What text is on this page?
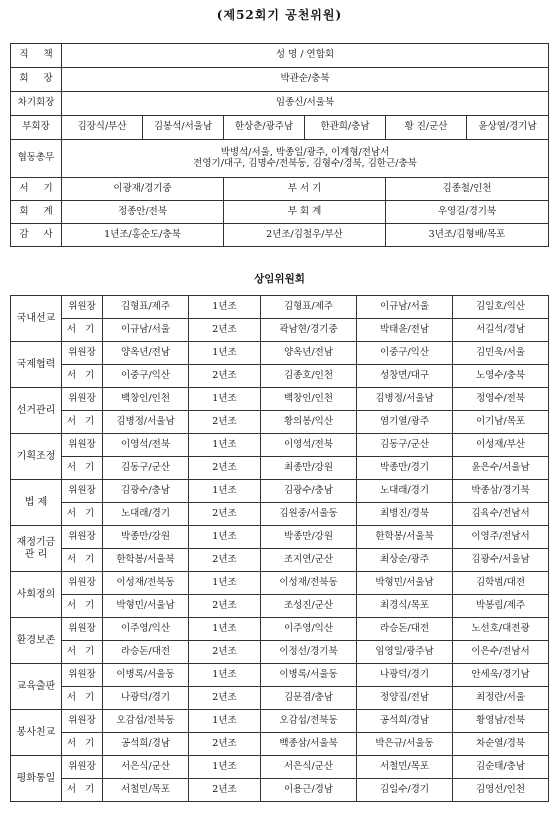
(제52회기 공천위원)
직 책	성 명 / 연합회					
회 장	박관순/충북					
차기회장	임종신/서울북					
부회장	김장식/부산	김봉석/서울남	한상춘/광주남	한관희/충남	황 진/군산	윤상열/경기남
협동총무	박병석/서울, 박종일/광주, 이계형/전남서
전영기/대구, 김명수/전북동, 김형수/경북, 김한근/충북					

서 기	이광재/경기중		부 서 기		김종철/인천	
회 계	정종안/전북		부 회 계		우영길/경기북	
감 사	1년조/홍순도/충북		2년조/김철우/부산		3년조/김형배/목포	
상임위원회
국내선교	위원장	김형표/제주	1년조	김형표/제주	이규남/서울	김일호/익산
	서 기	이규남/서울	2년조	곽남현/경기중	박태윤/전남	서길석/경남
국제협력	위원장	양옥년/전남	1년조	양옥년/전남	이중구/익산	김민욱/서울
	서 기	이중구/익산	2년조	김종호/인천	성창면/대구	노영수/충북
선거관리	위원장	백창인/인천	1년조	백창인/인천	김병정/서울남	정영수/전북
	서 기	김병정/서울남	2년조	황의봉/익산	염기열/광주	이기남/목포
기획조정	위원장	이영석/전북	1년조	이영석/전북	김동구/군산	이성재/부산
	서 기	김동구/군산	2년조	최종만/강원	박종만/경기	윤은수/서울남
법 제	위원장	김광수/충남	1년조	김광수/충남	노대래/경기	박종삼/경기북
	서 기	노대래/경기	2년조	김원중/서울동	최병진/경북	김육수/전남서
재정기금
관 리	위원장	박종만/강원	1년조	박종만/강원	한학봉/서울북	이영주/전남서
	서 기	한학봉/서울북	2년조	조지연/군산	최상순/광주	김광수/서울남
사회정의	위원장	이성재/전북동	1년조	이성재/전북동	박형민/서울남	김학범/대전
	서 기	박형민/서울남	2년조	조성진/군산	최경식/목포	박봉림/제주
환경보존	위원장	이주영/익산	1년조	이주영/익산	라승돈/대전	노선호/대전광
	서 기	라승돈/대전	2년조	이정선/경기북	임영일/광주남	이은수/전남서
교육출판	위원장	이병록/서울동	1년조	이병록/서울동	나광덕/경기	안세욱/경기남
	서 기	나광덕/경기	2년조	김문겸/충남	정양집/전남	최정란/서울
봉사친교	위원장	오감섭/전북동	1년조	오감섭/전북동	공석희/경남	황영남/전북
	서 기	공석희/경남	2년조	백종삼/서울북	박은규/서울동	차순열/경북
평화통일	위원장	서은식/군산	1년조	서은식/군산	서철민/목포	김순태/충남
	서 기	서철민/목포	2년조	이용근/경남	김일수/경기	김영선/인천
